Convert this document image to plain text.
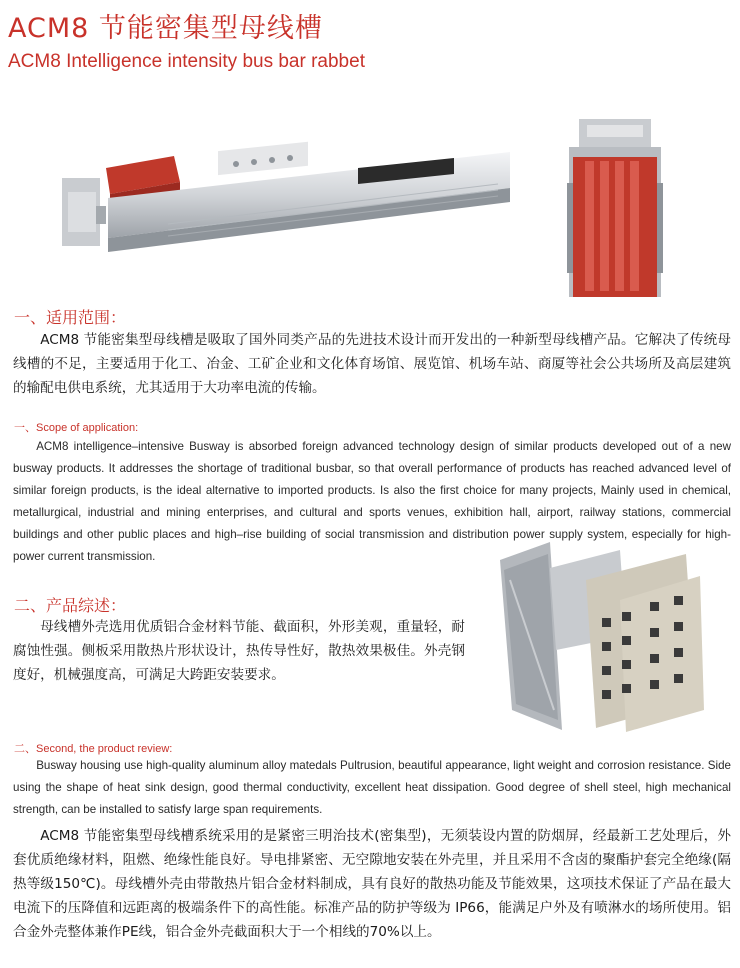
ACM8 节能密集型母线槽
ACM8 Intelligence intensity bus bar rabbet
一、适用范围：
ACM8 节能密集型母线槽是吸取了国外同类产品的先进技术设计而开发出的一种新型母线槽产品。它解决了传统母线槽的不足，主要适用于化工、冶金、工矿企业和文化体育场馆、展览馆、机场车站、商厦等社会公共场所及高层建筑的输配电供电系统，尤其适用于大功率电流的传输。
一、Scope of application:
ACM8 intelligence–intensive Busway is absorbed foreign advanced technology design of similar products developed out of a new busway products. It addresses the shortage of traditional busbar, so that overall performance of products has reached advanced level of similar foreign products, is the ideal alternative to imported products. Is also the first choice for many projects, Mainly used in chemical, metallurgical, industrial and mining enterprises, and cultural and sports venues, exhibition hall, airport, railway stations, commercial buildings and other public places and high–rise building of social transmission and distribution power supply system, especially for high-power current transmission.
二、产品综述：
母线槽外壳选用优质铝合金材料节能、截面积，外形美观，重量轻，耐腐蚀性强。侧板采用散热片形状设计，热传导性好，散热效果极佳。外壳钢度好，机械强度高，可满足大跨距安装要求。
二、Second, the product review:
Busway housing use high-quality aluminum alloy matedals Pultrusion, beautiful appearance, light weight and corrosion resistance. Side using the shape of heat sink design, good thermal conductivity, excellent heat dissipation. Good degree of shell steel, high mechanical strength, can be installed to satisfy large span requirements.
ACM8 节能密集型母线槽系统采用的是紧密三明治技术(密集型)，无须装设内置的防烟屏，经最新工艺处理后，外套优质绝缘材料，阻燃、绝缘性能良好。导电排紧密、无空隙地安装在外壳里，并且采用不含卤的聚酯护套完全绝缘(隔热等级150℃)。母线槽外壳由带散热片铝合金材料制成，具有良好的散热功能及节能效果，这项技术保证了产品在最大电流下的压降值和远距离的极端条件下的高性能。标准产品的防护等级为 IP66，能满足户外及有喷淋水的场所使用。铝合金外壳整体兼作PE线，铝合金外壳截面积大于一个相线的70%以上。
